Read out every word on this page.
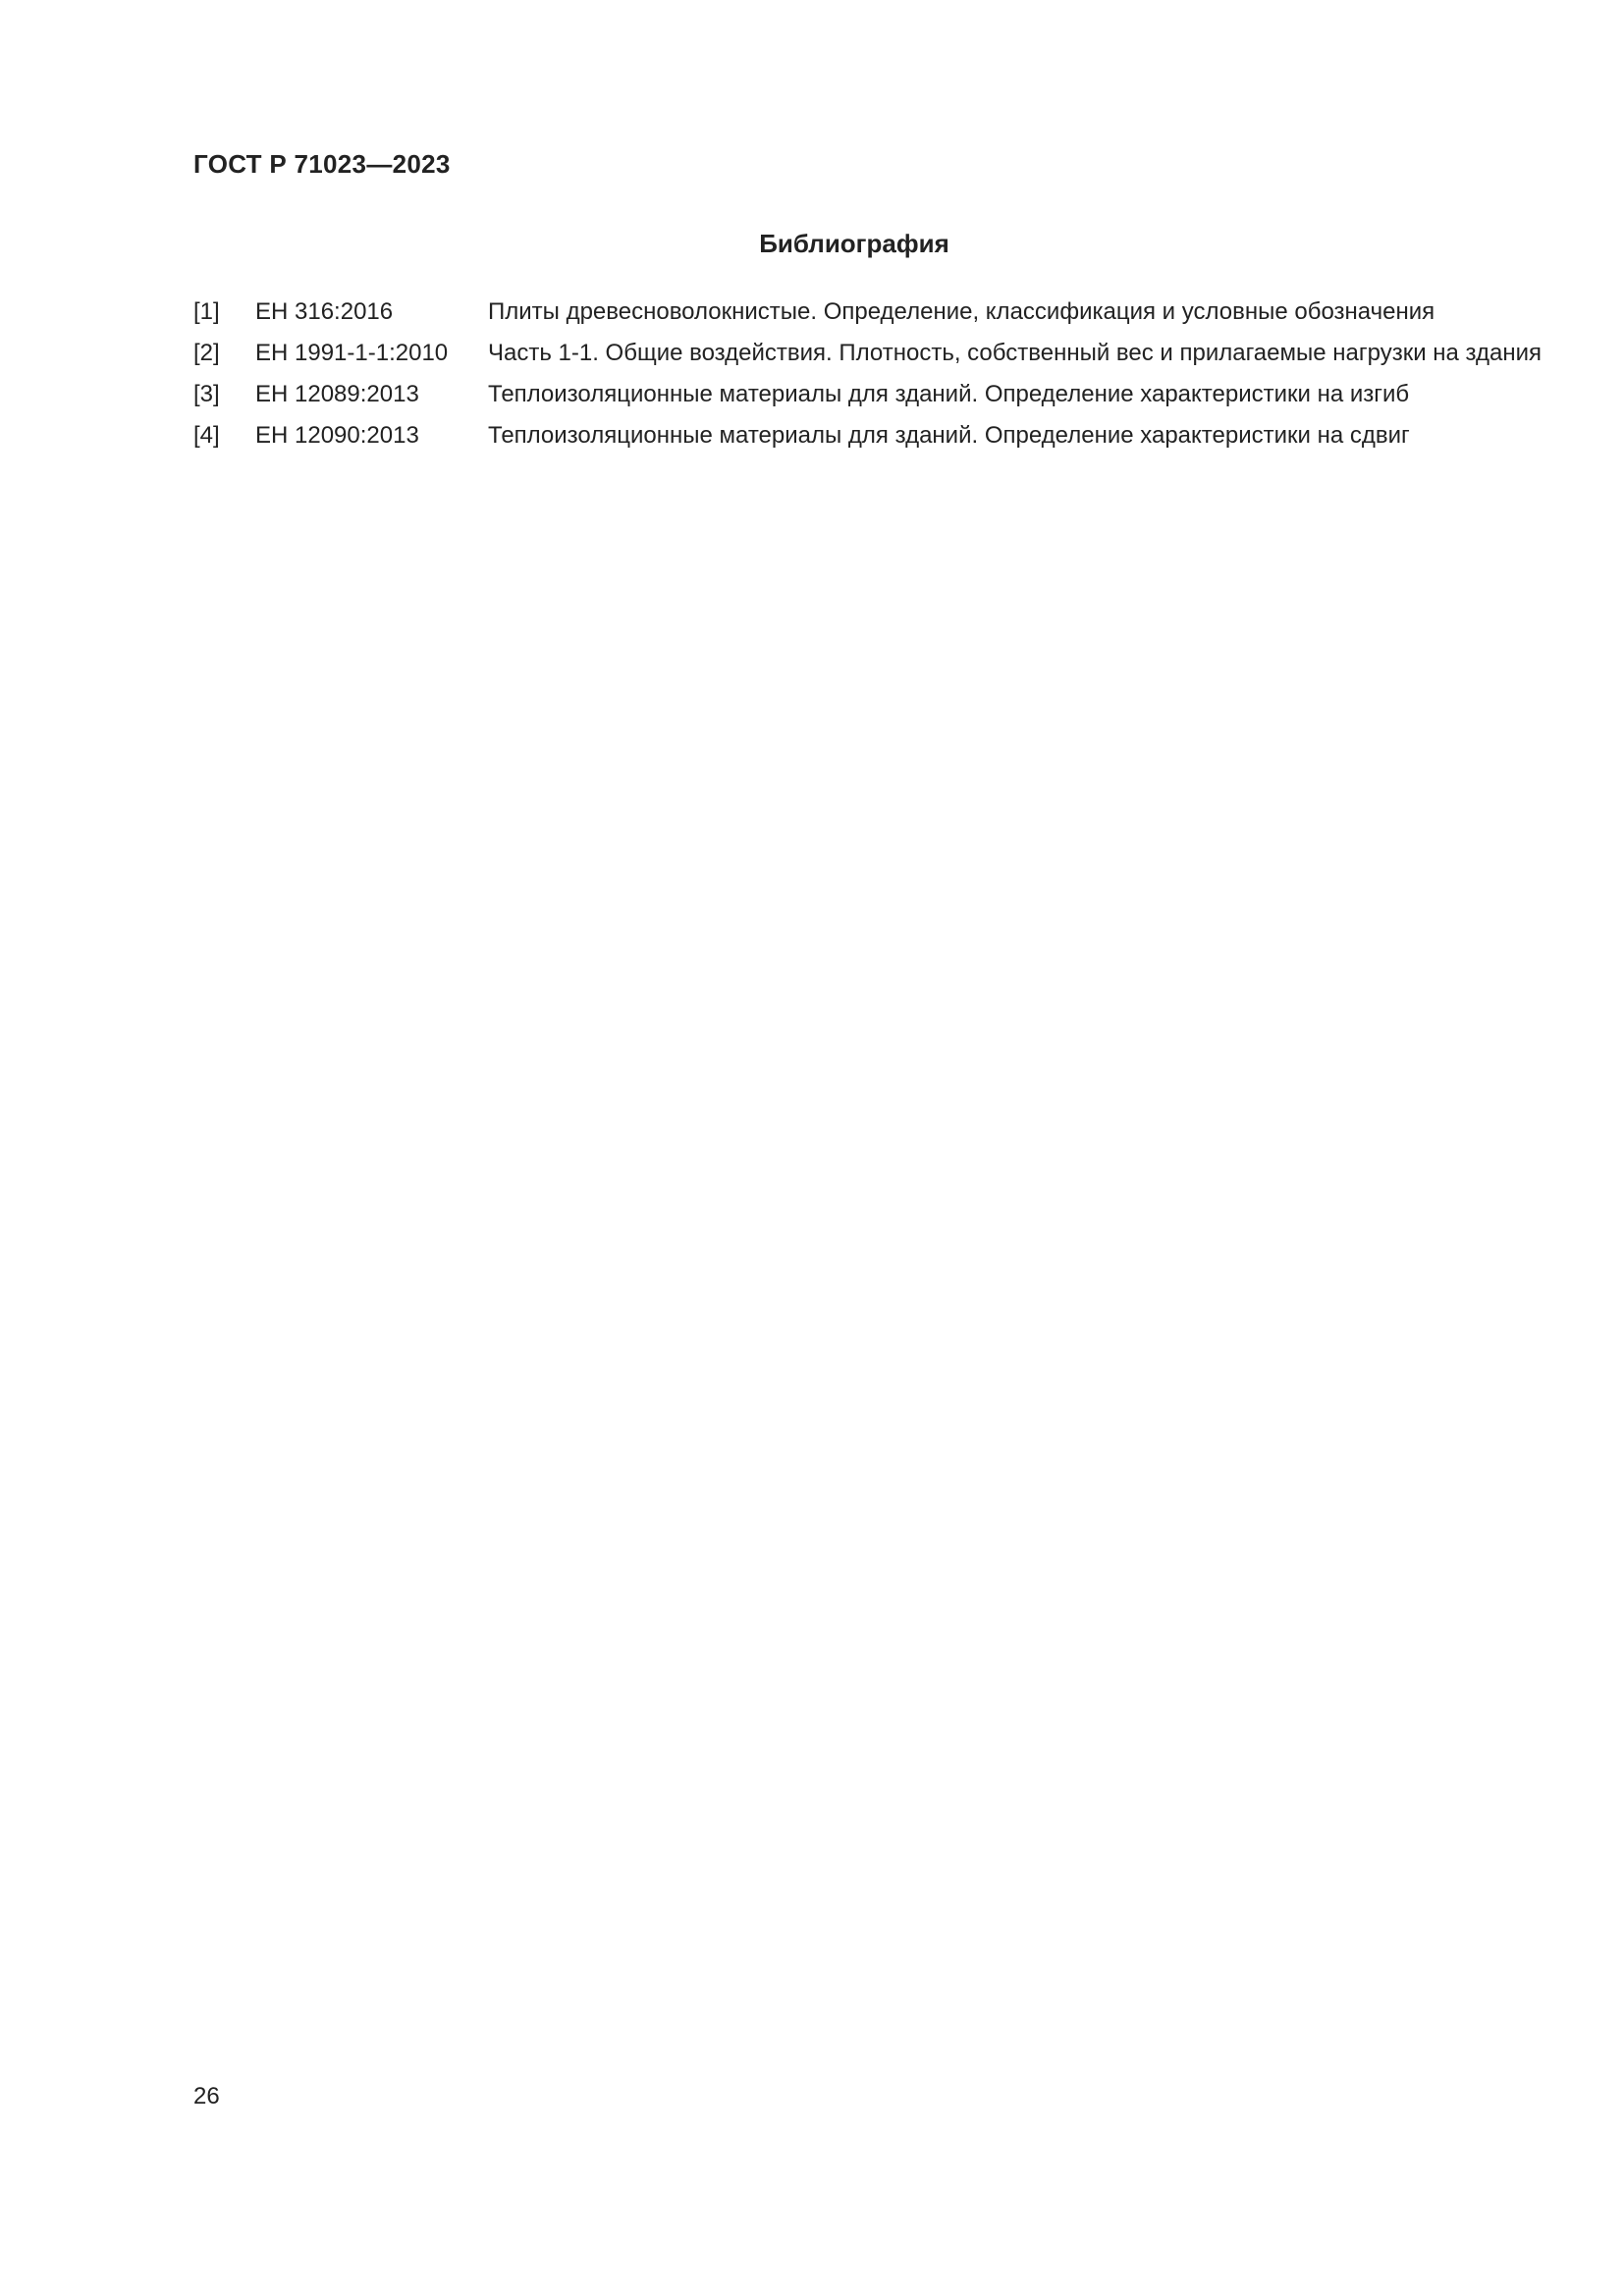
ГОСТ Р 71023—2023
Библиография
[1]	ЕН 316:2016	Плиты древесноволокнистые. Определение, классификация и условные обозначения
[2]	ЕН 1991-1-1:2010	Часть 1-1. Общие воздействия. Плотность, собственный вес и прилагаемые нагрузки на здания
[3]	ЕН 12089:2013	Теплоизоляционные материалы для зданий. Определение характеристики на изгиб
[4]	ЕН 12090:2013	Теплоизоляционные материалы для зданий. Определение характеристики на сдвиг
26
